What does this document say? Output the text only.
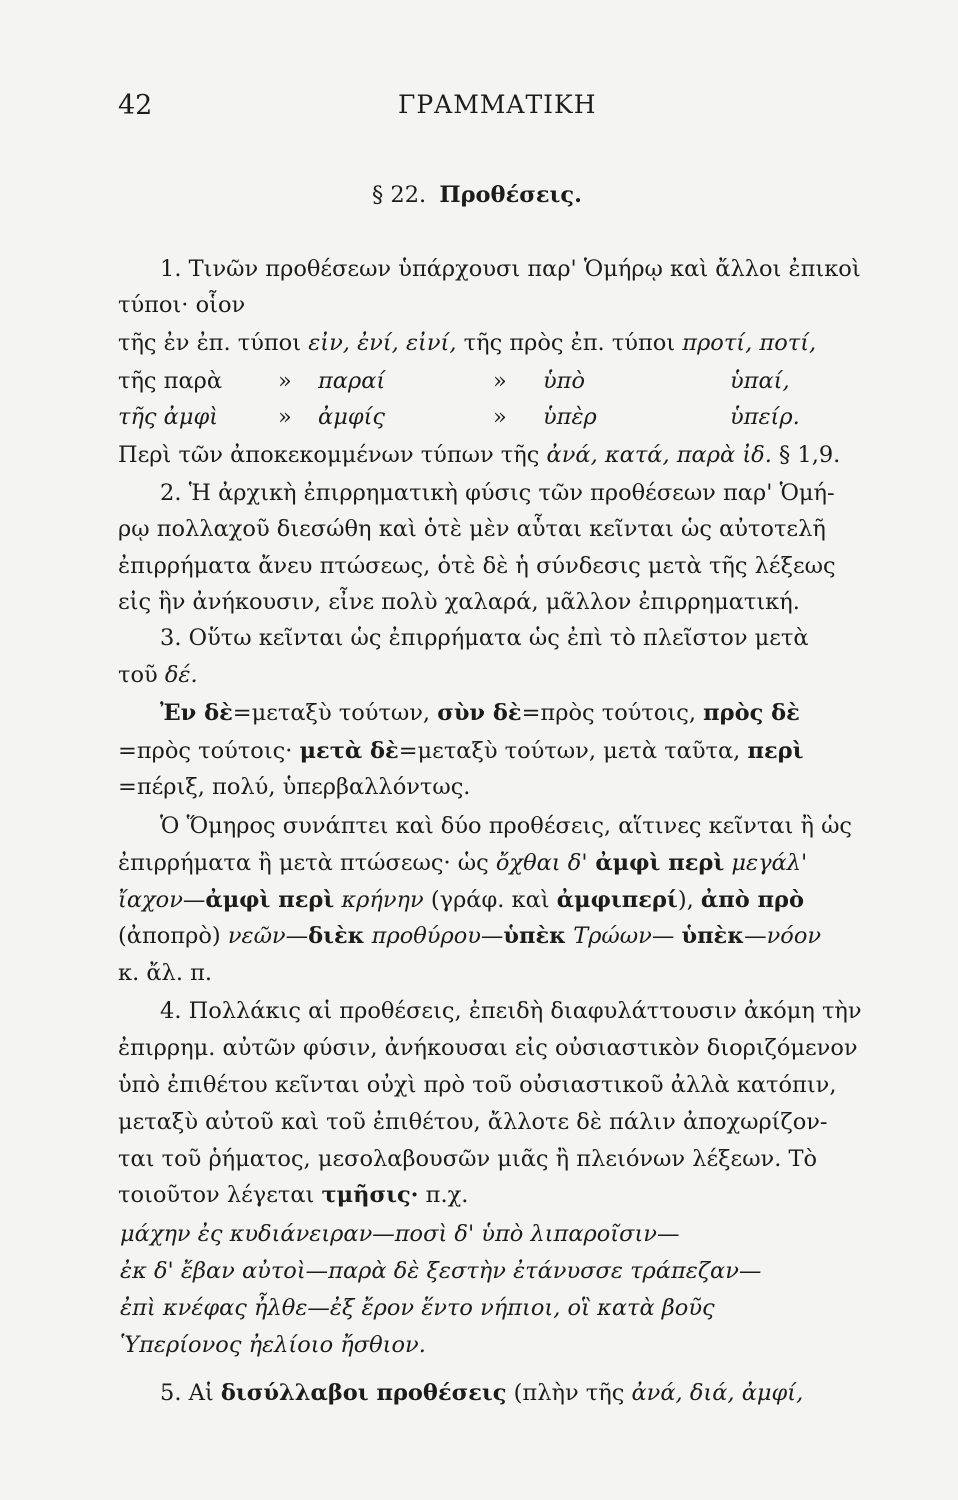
42	ΓΡΑΜΜΑΤΙΚΗ
§ 22. Προθέσεις.
1. Τινῶν προθέσεων ὑπάρχουσι παρ' Ὁμήρῳ καὶ ἄλλοι ἐπικοὶ
τύποι· οἷον
τῆς ἐν ἐπ. τύποι εἰν, ἐνί, εἰνί, τῆς πρὸς ἐπ. τύποι προτί, ποτί,
τῆς παρὰ » παραί	» ὑπὸ	ὑπαί,
τῆς ἀμφὶ	» ἀμφίς	» ὑπὲρ	ὑπείρ.
Περὶ τῶν ἀποκεκομμένων τύπων τῆς ἀνά, κατά, παρὰ ἰδ. § 1,9.
2. Ἡ ἀρχικὴ ἐπιρρηματικὴ φύσις τῶν προθέσεων παρ' Ὁμή-
ρῳ πολλαχοῦ διεσώθη καὶ ὁτὲ μὲν αὗται κεῖνται ὡς αὐτοτελῆ
ἐπιρρήματα ἄνευ πτώσεως, ὁτὲ δὲ ἡ σύνδεσις μετὰ τῆς λέξεως
εἰς ἣν ἀνήκουσιν, εἶνε πολὺ χαλαρά, μᾶλλον ἐπιρρηματική.
3. Οὕτω κεῖνται ὡς ἐπιρρήματα ὡς ἐπὶ τὸ πλεῖστον μετὰ
τοῦ δέ.
Ἐν δὲ=μεταξὺ τούτων, σὺν δὲ=πρὸς τούτοις, πρὸς δὲ
=πρὸς τούτοις· μετὰ δὲ=μεταξὺ τούτων, μετὰ ταῦτα, περὶ
=πέριξ, πολύ, ὑπερβαλλόντως.
Ὁ Ὅμηρος συνάπτει καὶ δύο προθέσεις, αἵτινες κεῖνται ἢ ὡς
ἐπιρρήματα ἢ μετὰ πτώσεως· ὡς ὄχθαι δ' ἀμφὶ περὶ μεγάλ'
ἴαχον—ἀμφὶ περὶ κρήνην (γράφ. καὶ ἀμφιπερί), ἀπὸ πρὸ
(ἀποπρὸ) νεῶν—διὲκ προθύρου—ὑπὲκ Τρώων— ὑπὲκ—νόον
κ. ἄλ. π.
4. Πολλάκις αἱ προθέσεις, ἐπειδὴ διαφυλάττουσιν ἀκόμη τὴν
ἐπιρρημ. αὐτῶν φύσιν, ἀνήκουσαι εἰς οὐσιαστικὸν διοριζόμενον
ὑπὸ ἐπιθέτου κεῖνται οὐχὶ πρὸ τοῦ οὐσιαστικοῦ ἀλλὰ κατόπιν,
μεταξὺ αὐτοῦ καὶ τοῦ ἐπιθέτου, ἄλλοτε δὲ πάλιν ἀποχωρίζον-
ται τοῦ ῥήματος, μεσολαβουσῶν μιᾶς ἢ πλειόνων λέξεων. Τὸ
τοιοῦτον λέγεται τμῆσις· π.χ.
μάχην ἐς κυδιάνειραν—ποσὶ δ' ὑπὸ λιπαροῖσιν—
ἐκ δ' ἔβαν αὐτοὶ—παρὰ δὲ ξεστὴν ἐτάνυσσε τράπεζαν—
ἐπὶ κνέφας ἦλθε—ἐξ ἔρον ἕντο νήπιοι, οἳ κατὰ βοῦς
Ὑπερίονος ἠελίοιο ἤσθιον.
5. Αἱ δισύλλαβοι προθέσεις (πλὴν τῆς ἀνά, διά, ἀμφί,
